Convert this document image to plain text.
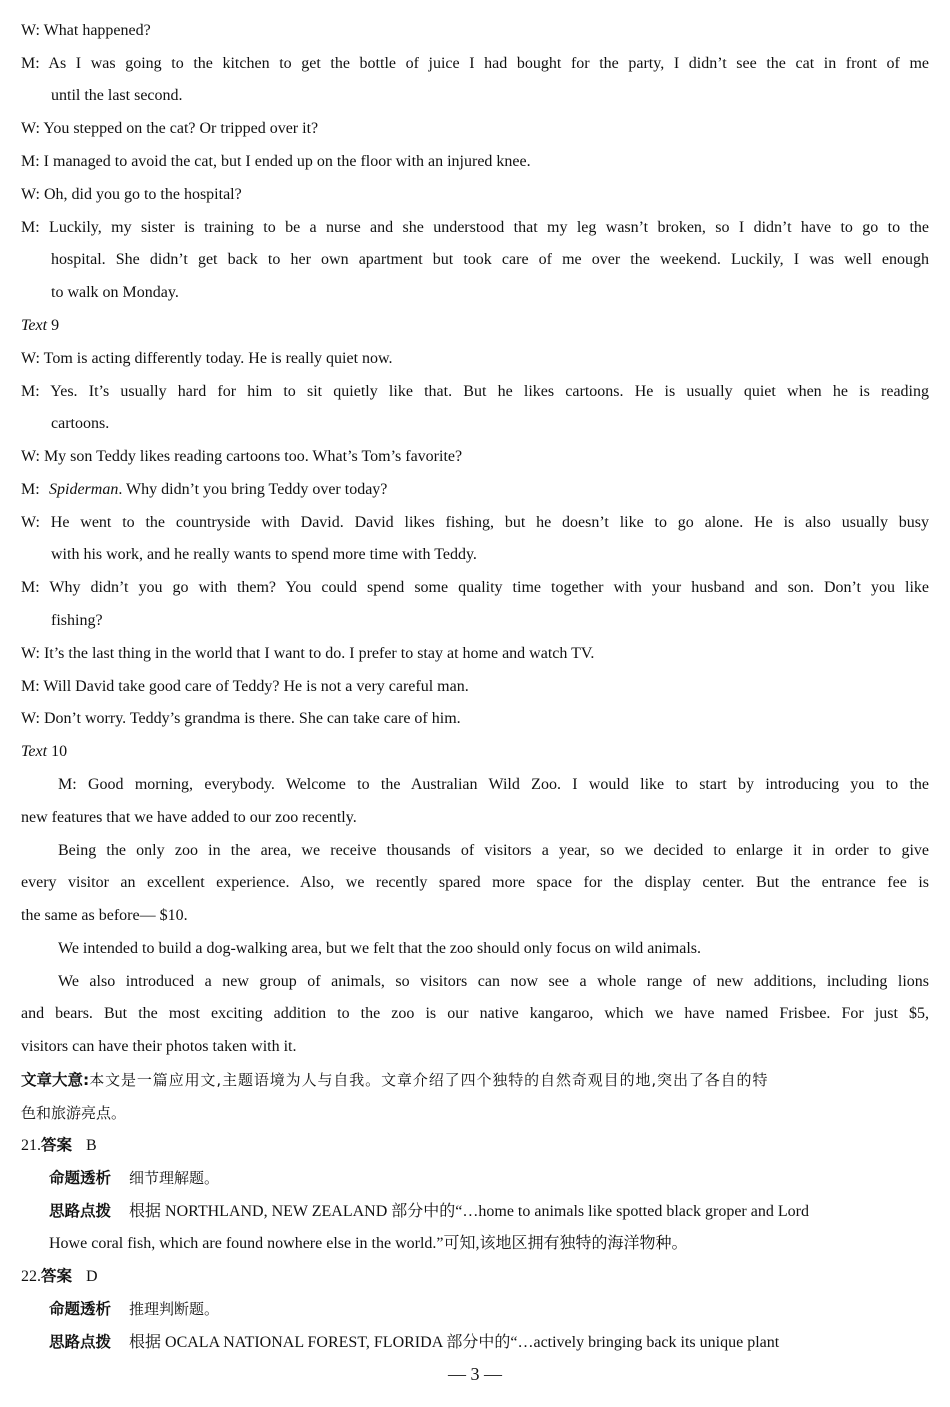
W: What happened?
M: As I was going to the kitchen to get the bottle of juice I had bought for the party, I didn’t see the cat in front of me
until the last second.
W: You stepped on the cat? Or tripped over it?
M: I managed to avoid the cat, but I ended up on the floor with an injured knee.
W: Oh, did you go to the hospital?
M: Luckily, my sister is training to be a nurse and she understood that my leg wasn’t broken, so I didn’t have to go to the
hospital. She didn’t get back to her own apartment but took care of me over the weekend. Luckily, I was well enough
to walk on Monday.
Text 9
W: Tom is acting differently today. He is really quiet now.
M: Yes. It’s usually hard for him to sit quietly like that. But he likes cartoons. He is usually quiet when he is reading
cartoons.
W: My son Teddy likes reading cartoons too. What’s Tom’s favorite?
M: Spiderman. Why didn’t you bring Teddy over today?
W: He went to the countryside with David. David likes fishing, but he doesn’t like to go alone. He is also usually busy
with his work, and he really wants to spend more time with Teddy.
M: Why didn’t you go with them? You could spend some quality time together with your husband and son. Don’t you like
fishing?
W: It’s the last thing in the world that I want to do. I prefer to stay at home and watch TV.
M: Will David take good care of Teddy? He is not a very careful man.
W: Don’t worry. Teddy’s grandma is there. She can take care of him.
Text 10
M: Good morning, everybody. Welcome to the Australian Wild Zoo. I would like to start by introducing you to the
new features that we have added to our zoo recently.
Being the only zoo in the area, we receive thousands of visitors a year, so we decided to enlarge it in order to give
every visitor an excellent experience. Also, we recently spared more space for the display center. But the entrance fee is
the same as before— $10.
We intended to build a dog-walking area, but we felt that the zoo should only focus on wild animals.
We also introduced a new group of animals, so visitors can now see a whole range of new additions, including lions
and bears. But the most exciting addition to the zoo is our native kangaroo, which we have named Frisbee. For just $5,
visitors can have their photos taken with it.
文章大意:本文是一篇应用文,主题语境为人与自我。文章介绍了四个独特的自然奇观目的地,突出了各自的特
色和旅游亮点。
21.答案 B
命题透析 细节理解题。
思路点拨 根据 NORTHLAND, NEW ZEALAND 部分中的“…home to animals like spotted black groper and Lord
Howe coral fish, which are found nowhere else in the world.”可知,该地区拥有独特的海洋物种。
22.答案 D
命题透析 推理判断题。
思路点拨 根据 OCALA NATIONAL FOREST, FLORIDA 部分中的“…actively bringing back its unique plant
— 3 —
